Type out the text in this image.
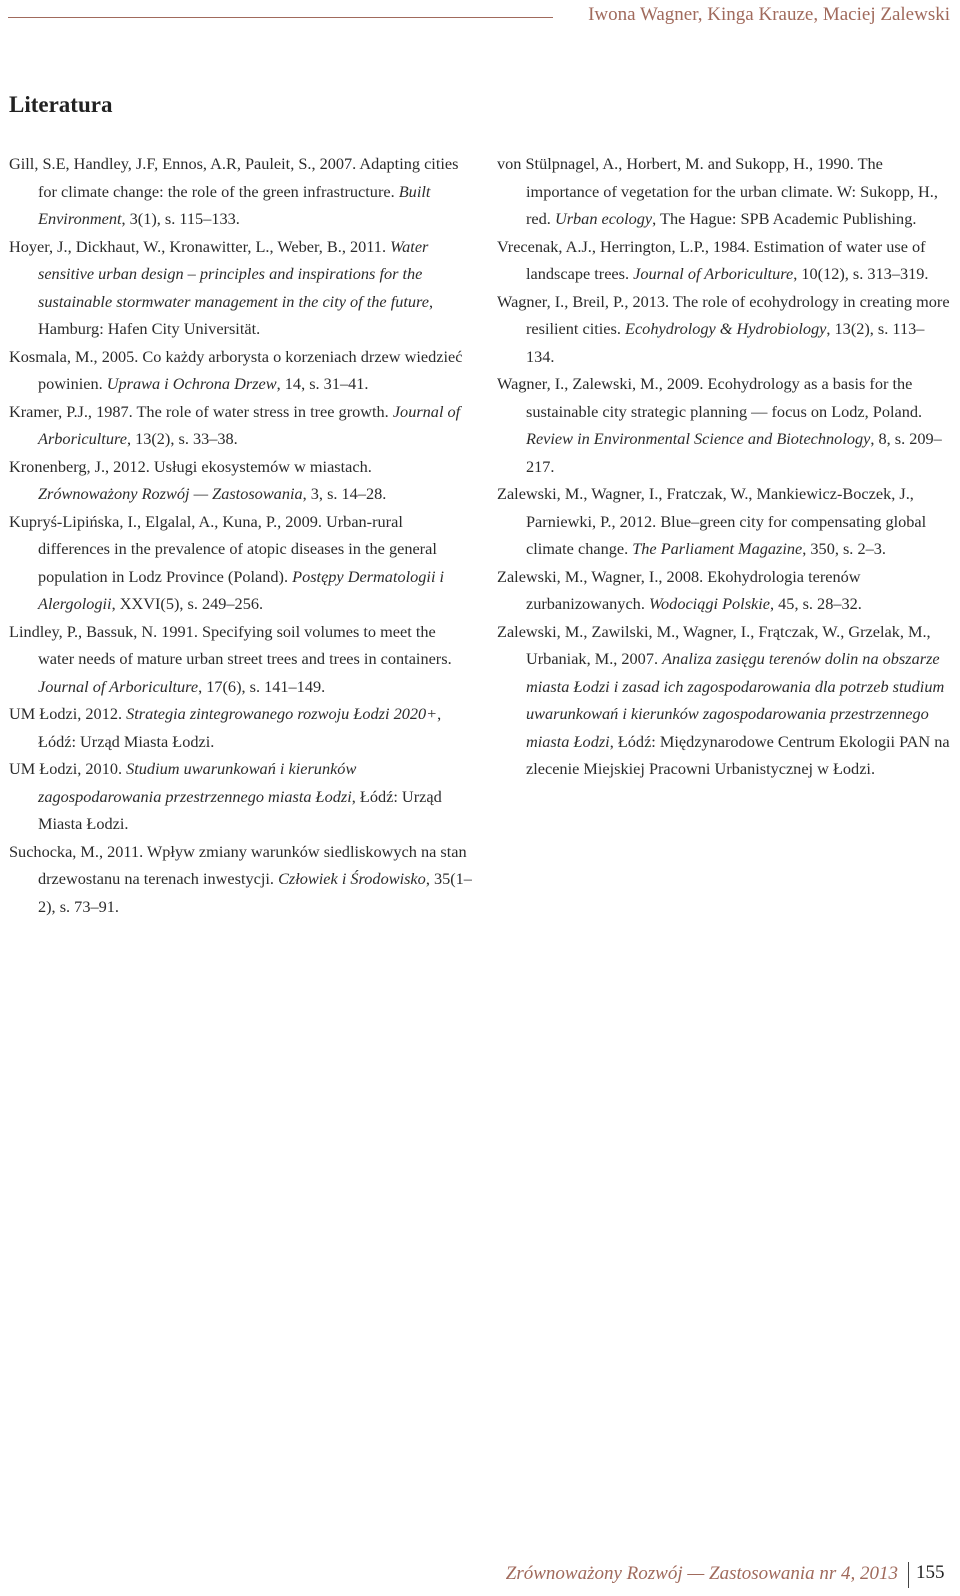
Iwona Wagner, Kinga Krauze, Maciej Zalewski
Literatura
Gill, S.E, Handley, J.F, Ennos, A.R, Pauleit, S., 2007. Adapting cities for climate change: the role of the green infrastructure. Built Environment, 3(1), s. 115–133.
Hoyer, J., Dickhaut, W., Kronawitter, L., Weber, B., 2011. Water sensitive urban design – principles and inspirations for the sustainable stormwater management in the city of the future, Hamburg: Hafen City Universität.
Kosmala, M., 2005. Co każdy arborysta o korzeniach drzew wiedzieć powinien. Uprawa i Ochrona Drzew, 14, s. 31–41.
Kramer, P.J., 1987. The role of water stress in tree growth. Journal of Arboriculture, 13(2), s. 33–38.
Kronenberg, J., 2012. Usługi ekosystemów w miastach. Zrównoważony Rozwój — Zastosowania, 3, s. 14–28.
Kupryś-Lipińska, I., Elgalal, A., Kuna, P., 2009. Urban-rural differences in the prevalence of atopic diseases in the general population in Lodz Province (Poland). Postępy Dermatologii i Alergologii, XXVI(5), s. 249–256.
Lindley, P., Bassuk, N. 1991. Specifying soil volumes to meet the water needs of mature urban street trees and trees in containers. Journal of Arboriculture, 17(6), s. 141–149.
UM Łodzi, 2012. Strategia zintegrowanego rozwoju Łodzi 2020+, Łódź: Urząd Miasta Łodzi.
UM Łodzi, 2010. Studium uwarunkowań i kierunków zagospodarowania przestrzennego miasta Łodzi, Łódź: Urząd Miasta Łodzi.
Suchocka, M., 2011. Wpływ zmiany warunków siedliskowych na stan drzewostanu na terenach inwestycji. Człowiek i Środowisko, 35(1–2), s. 73–91.
von Stülpnagel, A., Horbert, M. and Sukopp, H., 1990. The importance of vegetation for the urban climate. W: Sukopp, H., red. Urban ecology, The Hague: SPB Academic Publishing.
Vrecenak, A.J., Herrington, L.P., 1984. Estimation of water use of landscape trees. Journal of Arboriculture, 10(12), s. 313–319.
Wagner, I., Breil, P., 2013. The role of ecohydrology in creating more resilient cities. Ecohydrology & Hydrobiology, 13(2), s. 113–134.
Wagner, I., Zalewski, M., 2009. Ecohydrology as a basis for the sustainable city strategic planning — focus on Lodz, Poland. Review in Environmental Science and Biotechnology, 8, s. 209–217.
Zalewski, M., Wagner, I., Fratczak, W., Mankiewicz-Boczek, J., Parniewki, P., 2012. Blue–green city for compensating global climate change. The Parliament Magazine, 350, s. 2–3.
Zalewski, M., Wagner, I., 2008. Ekohydrologia terenów zurbanizowanych. Wodociągi Polskie, 45, s. 28–32.
Zalewski, M., Zawilski, M., Wagner, I., Frątczak, W., Grzelak, M., Urbaniak, M., 2007. Analiza zasięgu terenów dolin na obszarze miasta Łodzi i zasad ich zagospodarowania dla potrzeb studium uwarunkowań i kierunków zagospodarowania przestrzennego miasta Łodzi, Łódź: Międzynarodowe Centrum Ekologii PAN na zlecenie Miejskiej Pracowni Urbanistycznej w Łodzi.
Zrównoważony Rozwój — Zastosowania nr 4, 2013 155
